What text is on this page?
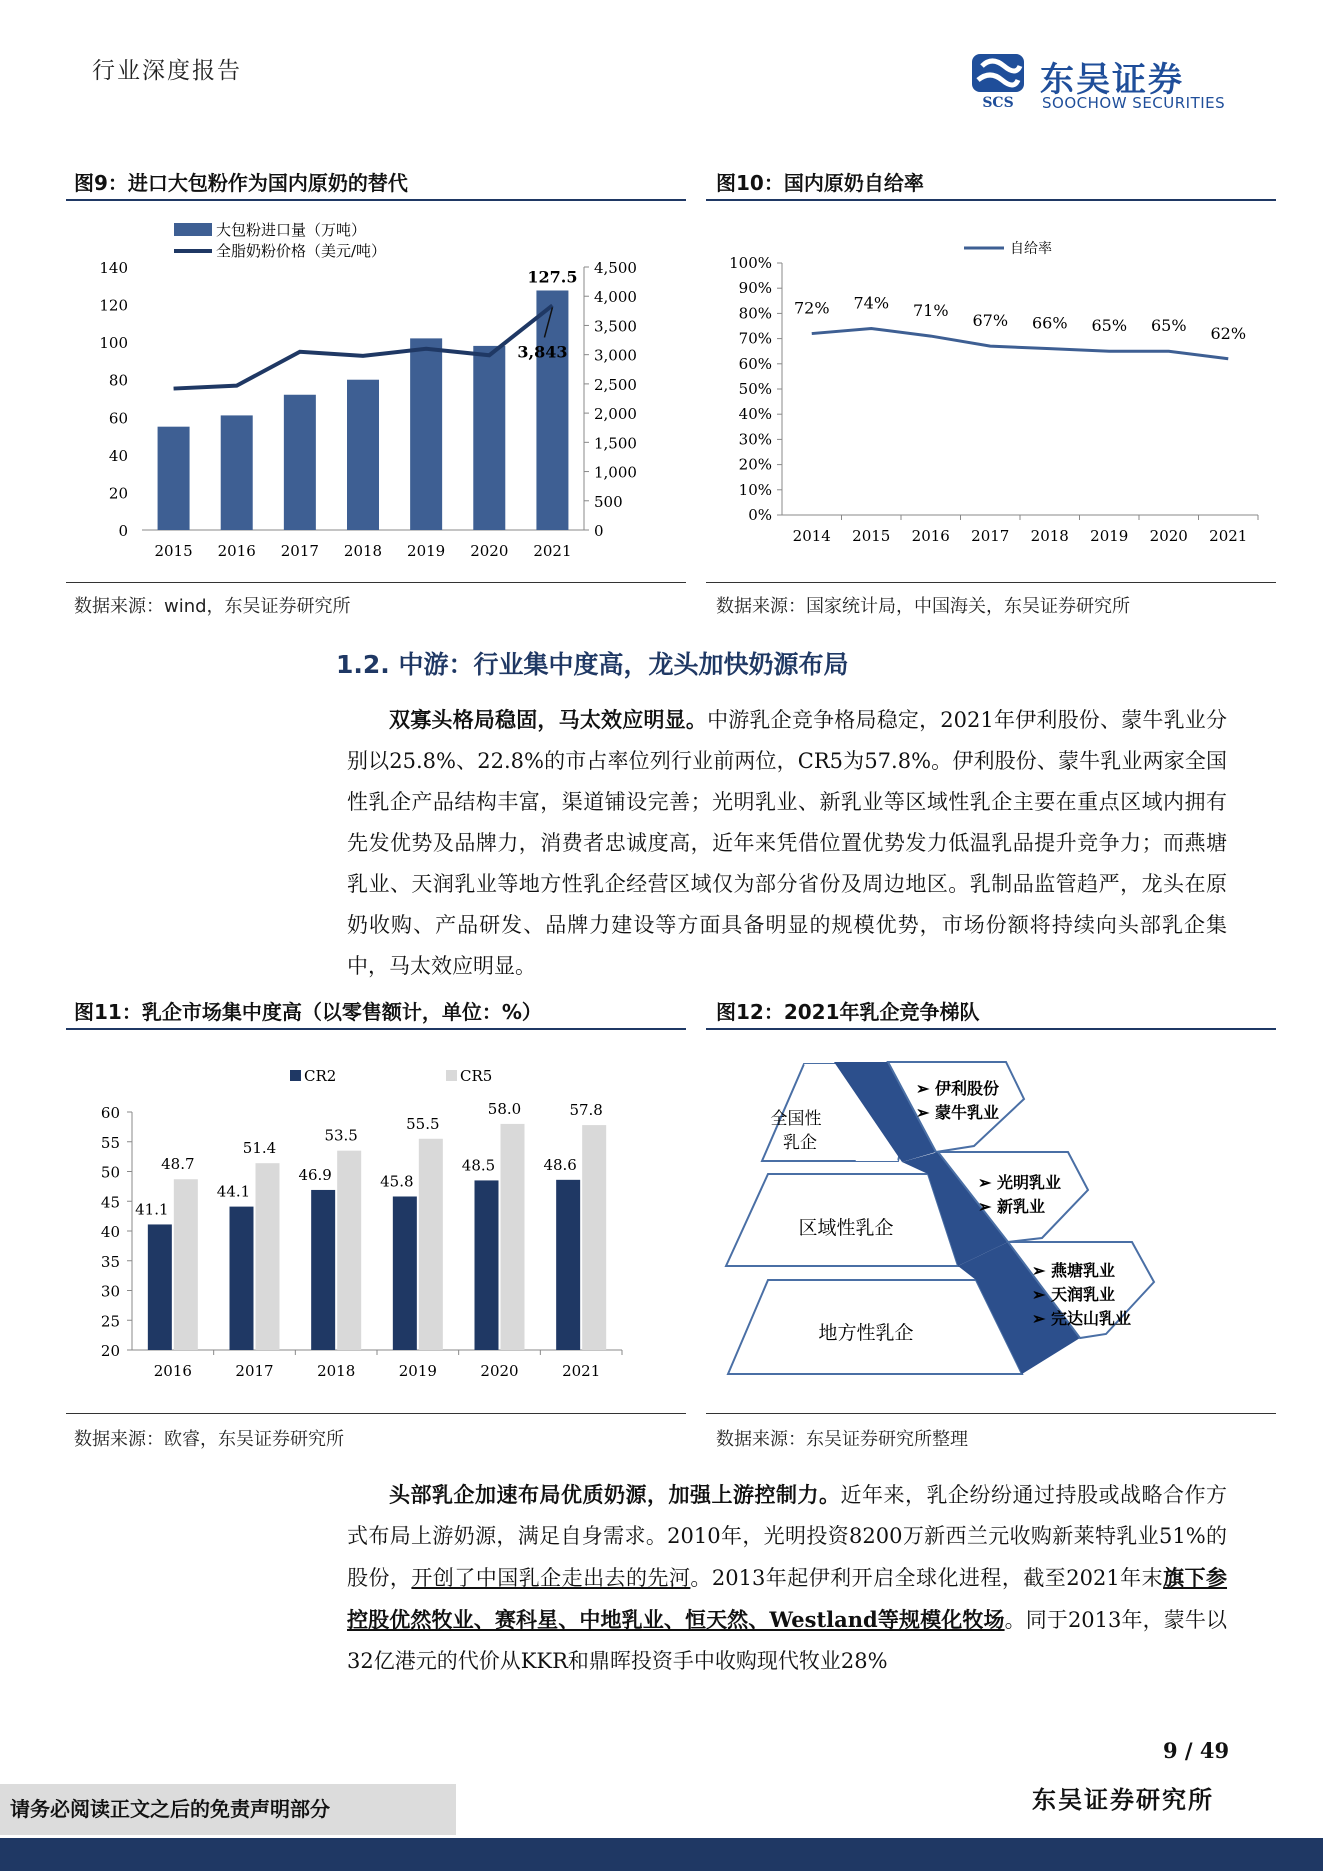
行业深度报告
SCS
东吴证券
SOOCHOW SECURITIES
图9：进口大包粉作为国内原奶的替代
0
20
40
60
80
100
120
140
0
500
1,000
1,500
2,000
2,500
3,000
3,500
4,000
4,500
2015 2016 2017 2018 2019 2020 2021
127.5
3,843
大包粉进口量（万吨）
全脂奶粉价格（美元/吨）
数据来源：wind，东吴证券研究所
图10：国内原奶自给率
0%
10%
20%
30%
40%
50%
60%
70%
80%
90%
100%
2014
72%
2015
74%
2016
71%
2017
67%
2018
66%
2019
65%
2020
65%
2021
62%
自给率
数据来源：国家统计局，中国海关，东吴证券研究所
1.2. 中游：行业集中度高，龙头加快奶源布局
双寡头格局稳固，马太效应明显。中游乳企竞争格局稳定，2021年伊利股份、蒙牛乳业分别以25.8%、22.8%的市占率位列行业前两位，CR5为57.8%。伊利股份、蒙牛乳业两家全国性乳企产品结构丰富，渠道铺设完善；光明乳业、新乳业等区域性乳企主要在重点区域内拥有先发优势及品牌力，消费者忠诚度高，近年来凭借位置优势发力低温乳品提升竞争力；而燕塘乳业、天润乳业等地方性乳企经营区域仅为部分省份及周边地区。乳制品监管趋严，龙头在原奶收购、产品研发、品牌力建设等方面具备明显的规模优势，市场份额将持续向头部乳企集中，马太效应明显。
图11：乳企市场集中度高（以零售额计，单位：%）
20
25
30
35
40
45
50
55
60
41.1
48.7
2016
44.1
51.4
2017
46.9
53.5
2018
45.8
55.5
2019
48.5
58.0
2020
48.6
57.8
2021
CR2	CR5
数据来源：欧睿，东吴证券研究所
图12：2021年乳企竞争梯队
全国性
乳企
➢ 伊利股份
➢ 蒙牛乳业
区域性乳企
➢ 光明乳业
➢ 新乳业
地方性乳企
➢ 燕塘乳业
➢ 天润乳业
➢ 完达山乳业
数据来源：东吴证券研究所整理
头部乳企加速布局优质奶源，加强上游控制力。近年来，乳企纷纷通过持股或战略合作方式布局上游奶源，满足自身需求。2010年，光明投资8200万新西兰元收购新莱特乳业51%的股份，开创了中国乳企走出去的先河。2013年起伊利开启全球化进程，截至2021年末旗下参控股优然牧业、赛科星、中地乳业、恒天然、Westland等规模化牧场。同于2013年，蒙牛以32亿港元的代价从KKR和鼎晖投资手中收购现代牧业28%
9 / 49
请务必阅读正文之后的免责声明部分	东吴证券研究所
